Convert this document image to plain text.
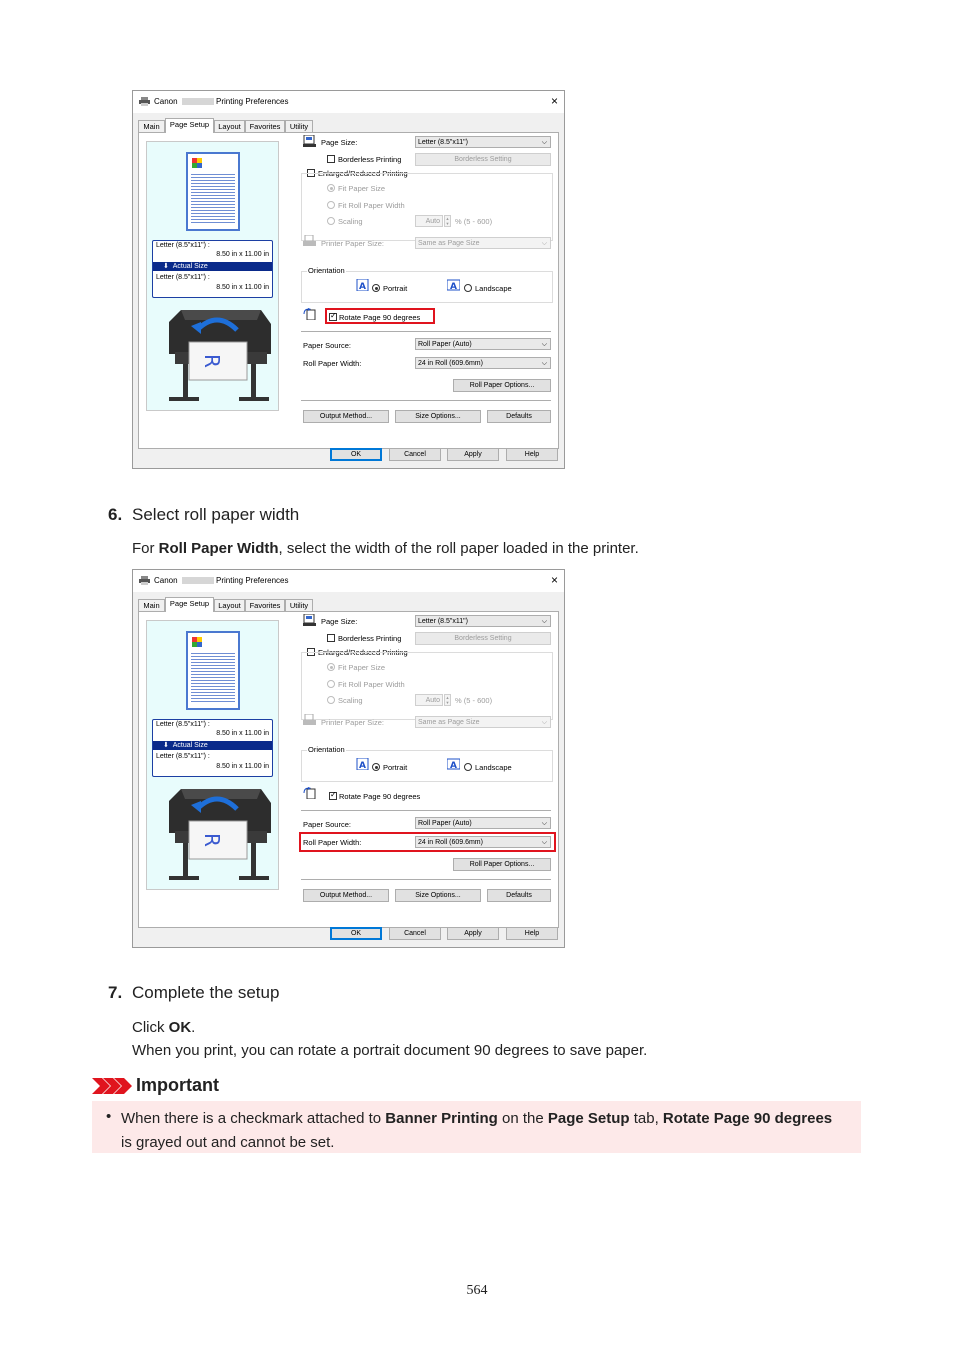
Canon	Printing Preferences	×
Main	Page Setup	Layout	Favorites	Utility
Letter (8.5"x11") :
8.50 in x 11.00 in
⬇  Actual Size
Letter (8.5"x11") :
8.50 in x 11.00 in
R
Page Size:	Letter (8.5"x11")	⌵
Borderless Printing	Borderless Setting
Enlarged/Reduced Printing
Fit Paper Size
Fit Roll Paper Width
Scaling	Auto	▲
▼ % (5 - 600)
Printer Paper Size:	Same as Page Size	⌵
Orientation
A Portrait	A Landscape
✓
Rotate Page 90 degrees
Paper Source:	Roll Paper (Auto)	⌵
Roll Paper Width:	24 in Roll (609.6mm)	⌵
Roll Paper Options...
Output Method...	Size Options...	Defaults
OK	Cancel	Apply	Help
6. Select roll paper width
For Roll Paper Width, select the width of the roll paper loaded in the printer.
Canon	Printing Preferences	×
Main	Page Setup	Layout	Favorites	Utility
Letter (8.5"x11") :
8.50 in x 11.00 in
⬇  Actual Size
Letter (8.5"x11") :
8.50 in x 11.00 in
R
Page Size:	Letter (8.5"x11")	⌵
Borderless Printing	Borderless Setting
Enlarged/Reduced Printing
Fit Paper Size
Fit Roll Paper Width
Scaling	Auto	▲
▼ % (5 - 600)
Printer Paper Size:	Same as Page Size	⌵
Orientation
A Portrait	A Landscape
✓
Rotate Page 90 degrees
Paper Source:	Roll Paper (Auto)	⌵
Roll Paper Width:	24 in Roll (609.6mm)	⌵
Roll Paper Options...
Output Method...	Size Options...	Defaults
OK	Cancel	Apply	Help
7. Complete the setup
Click OK.
When you print, you can rotate a portrait document 90 degrees to save paper.
Important
• When there is a checkmark attached to Banner Printing on the Page Setup tab, Rotate Page 90 degrees is grayed out and cannot be set.
564
